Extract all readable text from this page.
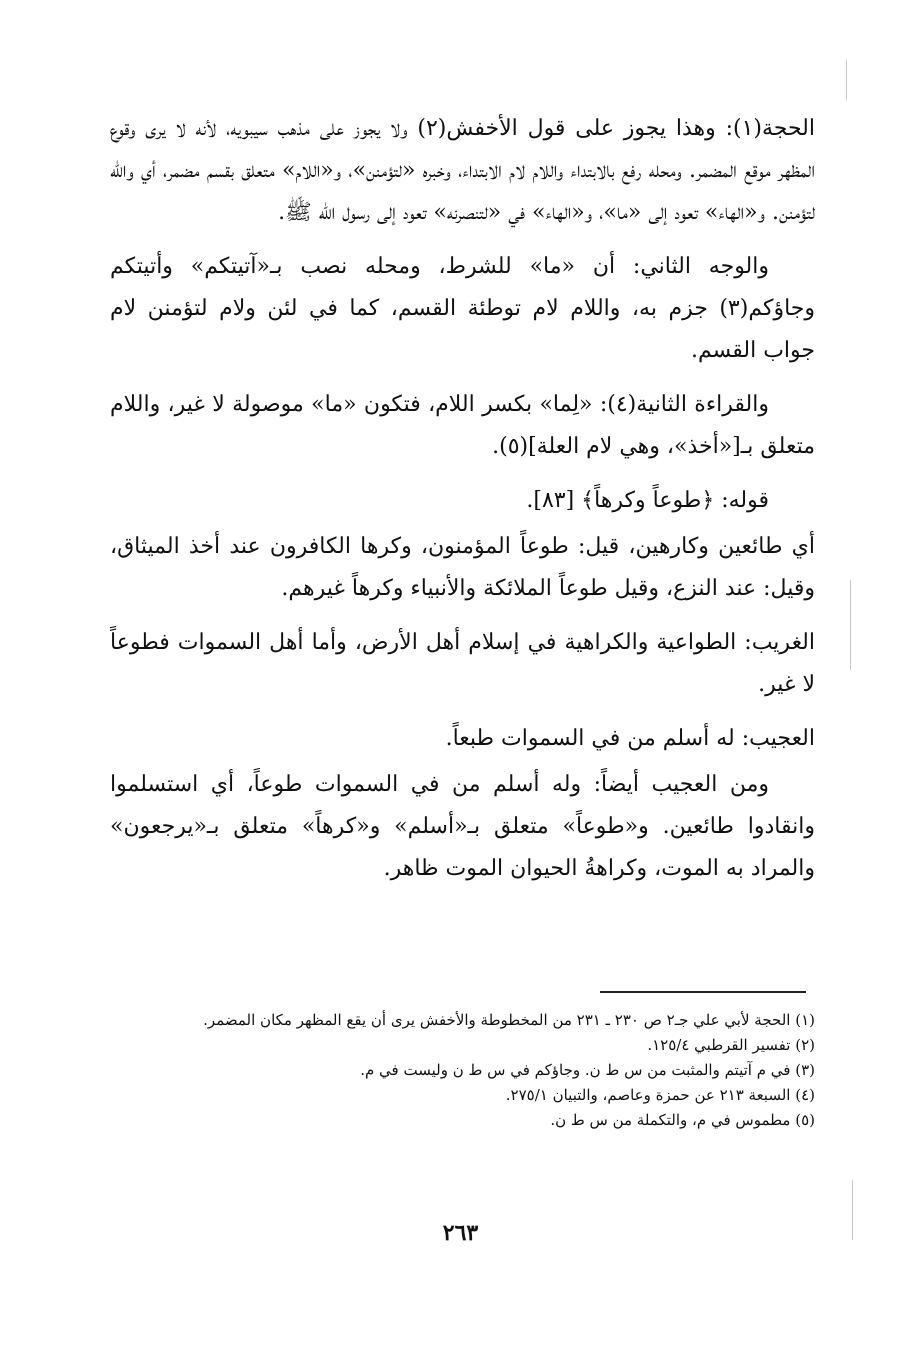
الحجة(١): وهذا يجوز على قول الأخفش(٢) ولا يجوز على مذهب سيبويه، لأنه لا يرى وقوع المظهر موقع المضمر. ومحله رفع بالابتداء واللام لام الابتداء، وخبره «لتؤمنن»، و«اللام» متعلق بقسم مضمر، أي والله لتؤمنن. و«الهاء» تعود إلى «ما»، و«الهاء» في «لتنصرنه» تعود إلى رسول الله ﷺ.

والوجه الثاني: أن «ما» للشرط، ومحله نصب بـ«آتيتكم» وأتيتكم وجاؤكم(٣) جزم به، واللام لام توطئة القسم، كما في لئن ولام لتؤمنن لام جواب القسم.

والقراءة الثانية(٤): «لِما» بكسر اللام، فتكون «ما» موصولة لا غير، واللام متعلق بـ[«أخذ»، وهي لام العلة](٥).

قوله: ﴿طوعاً وكرهاً﴾ [٨٣].

أي طائعين وكارهين، قيل: طوعاً المؤمنون، وكرها الكافرون عند أخذ الميثاق، وقيل: عند النزع، وقيل طوعاً الملائكة والأنبياء وكرهاً غيرهم.

الغريب: الطواعية والكراهية في إسلام أهل الأرض، وأما أهل السموات فطوعاً لا غير.

العجيب: له أسلم من في السموات طبعاً.

ومن العجيب أيضاً: وله أسلم من في السموات طوعاً، أي استسلموا وانقادوا طائعين. و«طوعاً» متعلق بـ«أسلم» و«كرهاً» متعلق بـ«يرجعون» والمراد به الموت، وكراهةُ الحيوان الموت ظاهر.

(١) الحجة لأبي علي جـ٢ ص ٢٣٠ ـ ٢٣١ من المخطوطة والأخفش يرى أن يقع المظهر مكان المضمر.

(٢) تفسير القرطبي ١٢٥/٤.

(٣) في م آتيتم والمثبت من س ط ن. وجاؤكم في س ط ن وليست في م.

(٤) السبعة ٢١٣ عن حمزة وعاصم، والتبيان ٢٧٥/١.

(٥) مطموس في م، والتكملة من س ط ن.

٢٦٣
